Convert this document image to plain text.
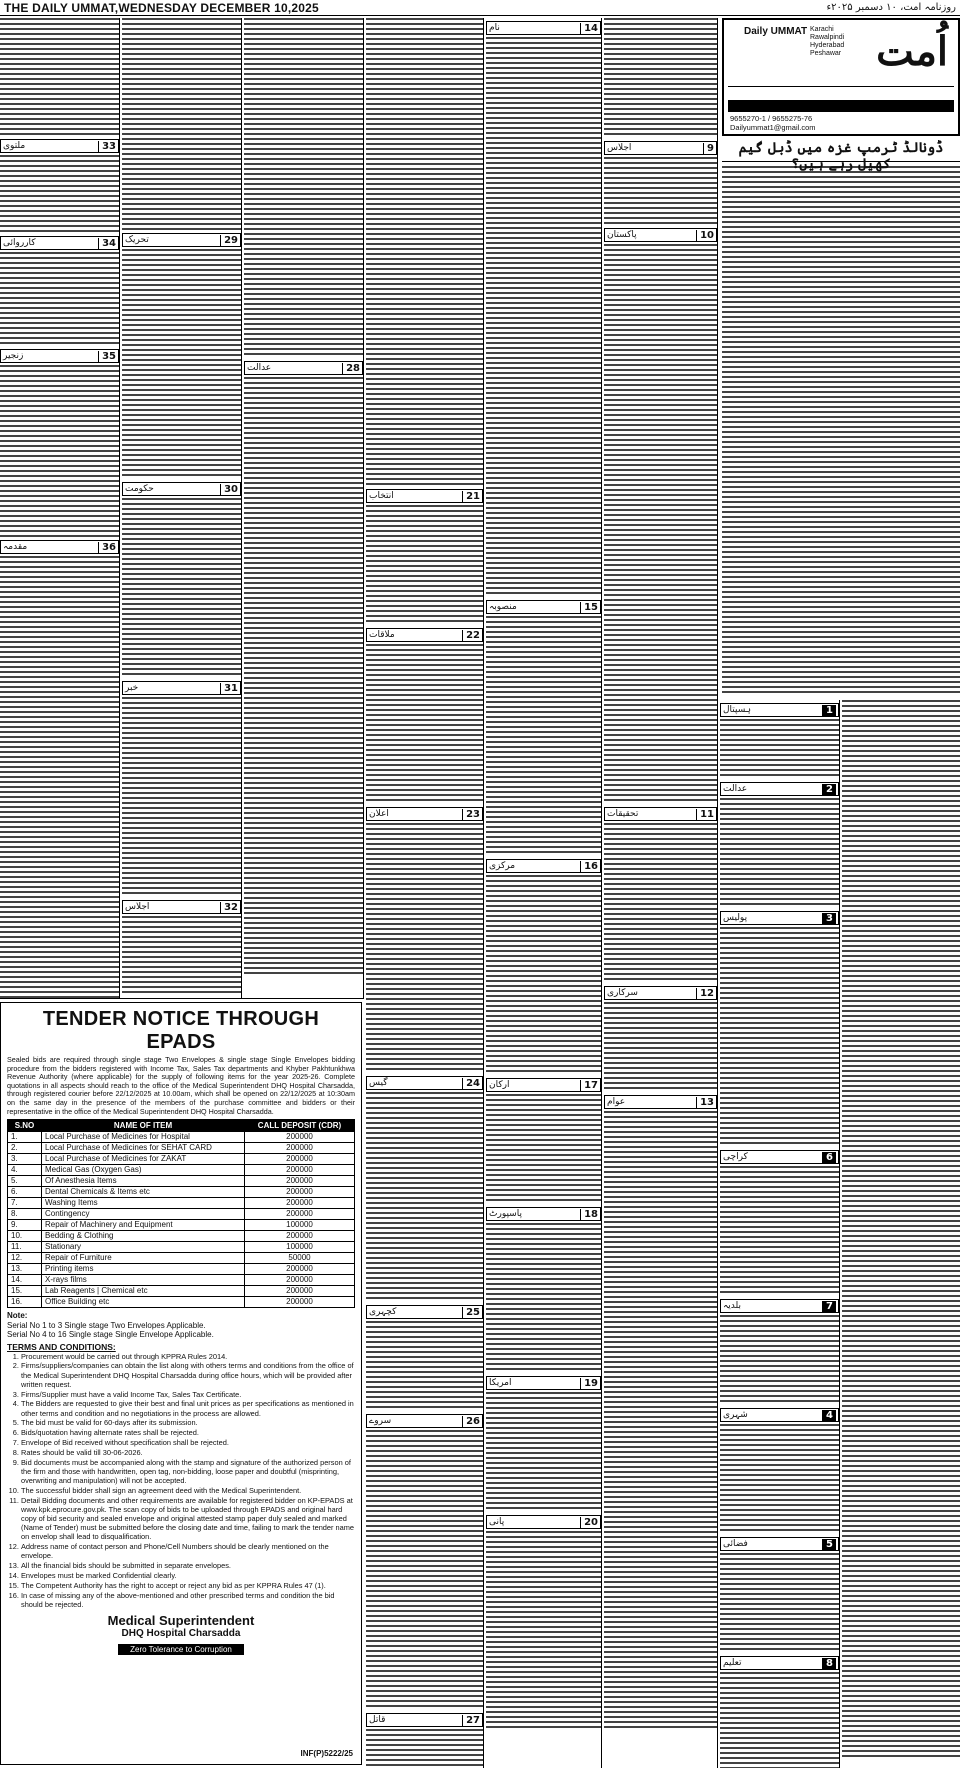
THE DAILY UMMAT,WEDNESDAY DECEMBER 10,2025	روزنامہ امت، ۱۰ دسمبر ۲۰۲۵ء
33
ملتوی
34
کارروائی
35
زنجیر
36
مقدمہ
29
تحریک
30
حکومت
31
خبر
32
اجلاس
28
عدالت
21
انتخاب
22
ملاقات
23
اعلان
24
گیس
25
کچہری
26
سروے
27
قاتل
14
نام
15
منصوبہ
16
مرکزی
17
ارکان
18
پاسپورٹ
19
امریکا
20
پانی
9
اجلاس
10
پاکستان
11
تحقیقات
12
سرکاری
13
عوام
1
ہسپتال
2
عدالت
3
پولیس
6
کراچی
7
بلدیہ
4
شہری
5
فضائی
8
تعلیم
Daily UMMAT Karachi
Rawalpindi
Hyderabad
Peshawar اُمت
9655270-1 / 9655275-76
Dailyummat1@gmail.com
ڈونالڈ ٹرمپ غزہ میں ڈبل گیم کھیل رہے ہیں؟
TENDER NOTICE THROUGH EPADS

Sealed bids are required through single stage Two Envelopes & single stage Single Envelopes bidding procedure from the bidders registered with Income Tax, Sales Tax departments and Khyber Pakhtunkhwa Revenue Authority (where applicable) for the supply of following items for the year 2025-26. Complete quotations in all aspects should reach to the office of the Medical Superintendent DHQ Hospital Charsadda, through registered courier before 22/12/2025 at 10.00am, which shall be opened on 22/12/2025 at 10:30am on the same day in the presence of the members of the purchase committee and bidders or their representative in the office of the Medical Superintendent DHQ Hospital Charsadda.

S.NO	NAME OF ITEM	CALL DEPOSIT (CDR)
1.	Local Purchase of Medicines for Hospital	200000
2.	Local Purchase of Medicines for SEHAT CARD	200000
3.	Local Purchase of Medicines for ZAKAT	200000
4.	Medical Gas (Oxygen Gas)	200000
5.	Of Anesthesia Items	200000
6.	Dental Chemicals & Items etc	200000
7.	Washing Items	200000
8.	Contingency	200000
9.	Repair of Machinery and Equipment	100000
10.	Bedding & Clothing	200000
11.	Stationary	100000
12.	Repair of Furniture	50000
13.	Printing items	200000
14.	X-rays films	200000
15.	Lab Reagents | Chemical etc	200000
16.	Office Building etc	200000
Note:
Serial No 1 to 3 Single stage Two Envelopes Applicable.
Serial No 4 to 16 Single stage Single Envelope Applicable.
TERMS AND CONDITIONS:
1. Procurement would be carried out through KPPRA Rules 2014.
2. Firms/suppliers/companies can obtain the list along with others terms and conditions from the office of the Medical Superintendent DHQ Hospital Charsadda during office hours, which will be provided after written request.
3. Firms/Supplier must have a valid Income Tax, Sales Tax Certificate.
4. The Bidders are requested to give their best and final unit prices as per specifications as mentioned in other terms and condition and no negotiations in the process are allowed.
5. The bid must be valid for 60-days after its submission.
6. Bids/quotation having alternate rates shall be rejected.
7. Envelope of Bid received without specification shall be rejected.
8. Rates should be valid till 30-06-2026.
9. Bid documents must be accompanied along with the stamp and signature of the authorized person of the firm and those with handwritten, open tag, non-bidding, loose paper and doubtful (misprinting, overwriting and manipulation) will not be accepted.
10. The successful bidder shall sign an agreement deed with the Medical Superintendent.
11. Detail Bidding documents and other requirements are available for registered bidder on KP-EPADS at www.kpk.eprocure.gov.pk. The scan copy of bids to be uploaded through EPADS and original hard copy of bid security and sealed envelope and original attested stamp paper duly sealed and marked (Name of Tender) must be submitted before the closing date and time, failing to mark the tender name on envelop shall lead to disqualification.
12. Address name of contact person and Phone/Cell Numbers should be clearly mentioned on the envelope.
13. All the financial bids should be submitted in separate envelopes.
14. Envelopes must be marked Confidential clearly.
15. The Competent Authority has the right to accept or reject any bid as per KPPRA Rules 47 (1).
16. In case of missing any of the above-mentioned and other prescribed terms and condition the bid should be rejected.
Medical Superintendent
DHQ Hospital Charsadda
Zero Tolerance to Corruption
INF(P)5222/25
